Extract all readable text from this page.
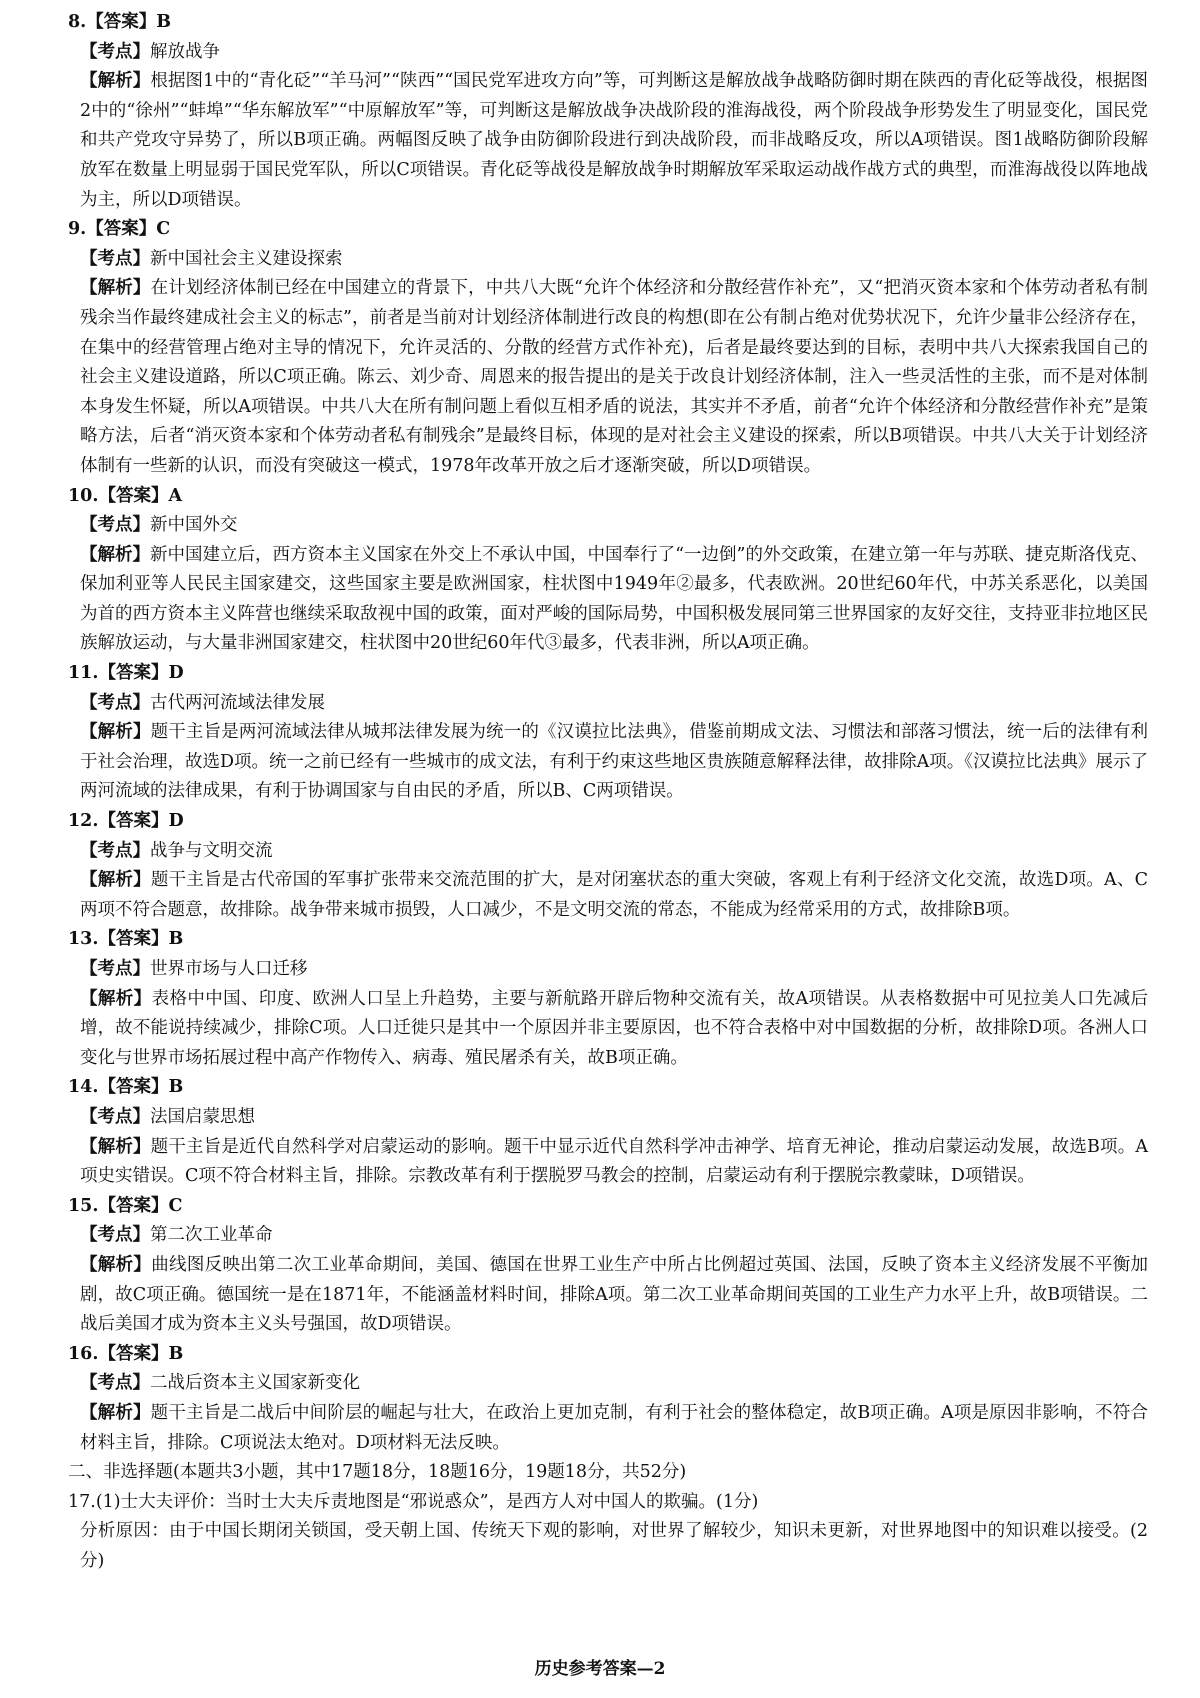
8.【答案】B

【考点】解放战争

【解析】根据图1中的“青化砭”“羊马河”“陕西”“国民党军进攻方向”等，可判断这是解放战争战略防御时期在陕西的青化砭等战役，根据图2中的“徐州”“蚌埠”“华东解放军”“中原解放军”等，可判断这是解放战争决战阶段的淮海战役，两个阶段战争形势发生了明显变化，国民党和共产党攻守异势了，所以B项正确。两幅图反映了战争由防御阶段进行到决战阶段，而非战略反攻，所以A项错误。图1战略防御阶段解放军在数量上明显弱于国民党军队，所以C项错误。青化砭等战役是解放战争时期解放军采取运动战作战方式的典型，而淮海战役以阵地战为主，所以D项错误。

9.【答案】C

【考点】新中国社会主义建设探索

【解析】在计划经济体制已经在中国建立的背景下，中共八大既“允许个体经济和分散经营作补充”，又“把消灭资本家和个体劳动者私有制残余当作最终建成社会主义的标志”，前者是当前对计划经济体制进行改良的构想(即在公有制占绝对优势状况下，允许少量非公经济存在，在集中的经营管理占绝对主导的情况下，允许灵活的、分散的经营方式作补充)，后者是最终要达到的目标，表明中共八大探索我国自己的社会主义建设道路，所以C项正确。陈云、刘少奇、周恩来的报告提出的是关于改良计划经济体制，注入一些灵活性的主张，而不是对体制本身发生怀疑，所以A项错误。中共八大在所有制问题上看似互相矛盾的说法，其实并不矛盾，前者“允许个体经济和分散经营作补充”是策略方法，后者“消灭资本家和个体劳动者私有制残余”是最终目标，体现的是对社会主义建设的探索，所以B项错误。中共八大关于计划经济体制有一些新的认识，而没有突破这一模式，1978年改革开放之后才逐渐突破，所以D项错误。

10.【答案】A

【考点】新中国外交

【解析】新中国建立后，西方资本主义国家在外交上不承认中国，中国奉行了“一边倒”的外交政策，在建立第一年与苏联、捷克斯洛伐克、保加利亚等人民民主国家建交，这些国家主要是欧洲国家，柱状图中1949年②最多，代表欧洲。20世纪60年代，中苏关系恶化，以美国为首的西方资本主义阵营也继续采取敌视中国的政策，面对严峻的国际局势，中国积极发展同第三世界国家的友好交往，支持亚非拉地区民族解放运动，与大量非洲国家建交，柱状图中20世纪60年代③最多，代表非洲，所以A项正确。

11.【答案】D

【考点】古代两河流域法律发展

【解析】题干主旨是两河流域法律从城邦法律发展为统一的《汉谟拉比法典》，借鉴前期成文法、习惯法和部落习惯法，统一后的法律有利于社会治理，故选D项。统一之前已经有一些城市的成文法，有利于约束这些地区贵族随意解释法律，故排除A项。《汉谟拉比法典》展示了两河流域的法律成果，有利于协调国家与自由民的矛盾，所以B、C两项错误。

12.【答案】D

【考点】战争与文明交流

【解析】题干主旨是古代帝国的军事扩张带来交流范围的扩大，是对闭塞状态的重大突破，客观上有利于经济文化交流，故选D项。A、C两项不符合题意，故排除。战争带来城市损毁，人口减少，不是文明交流的常态，不能成为经常采用的方式，故排除B项。

13.【答案】B

【考点】世界市场与人口迁移

【解析】表格中中国、印度、欧洲人口呈上升趋势，主要与新航路开辟后物种交流有关，故A项错误。从表格数据中可见拉美人口先减后增，故不能说持续减少，排除C项。人口迁徙只是其中一个原因并非主要原因，也不符合表格中对中国数据的分析，故排除D项。各洲人口变化与世界市场拓展过程中高产作物传入、病毒、殖民屠杀有关，故B项正确。

14.【答案】B

【考点】法国启蒙思想

【解析】题干主旨是近代自然科学对启蒙运动的影响。题干中显示近代自然科学冲击神学、培育无神论，推动启蒙运动发展，故选B项。A项史实错误。C项不符合材料主旨，排除。宗教改革有利于摆脱罗马教会的控制，启蒙运动有利于摆脱宗教蒙昧，D项错误。

15.【答案】C

【考点】第二次工业革命

【解析】曲线图反映出第二次工业革命期间，美国、德国在世界工业生产中所占比例超过英国、法国，反映了资本主义经济发展不平衡加剧，故C项正确。德国统一是在1871年，不能涵盖材料时间，排除A项。第二次工业革命期间英国的工业生产力水平上升，故B项错误。二战后美国才成为资本主义头号强国，故D项错误。

16.【答案】B

【考点】二战后资本主义国家新变化

【解析】题干主旨是二战后中间阶层的崛起与壮大，在政治上更加克制，有利于社会的整体稳定，故B项正确。A项是原因非影响，不符合材料主旨，排除。C项说法太绝对。D项材料无法反映。

二、非选择题(本题共3小题，其中17题18分，18题16分，19题18分，共52分)

17.(1)士大夫评价：当时士大夫斥责地图是“邪说惑众”，是西方人对中国人的欺骗。(1分)

分析原因：由于中国长期闭关锁国，受天朝上国、传统天下观的影响，对世界了解较少，知识未更新，对世界地图中的知识难以接受。(2分)

历史参考答案—2
